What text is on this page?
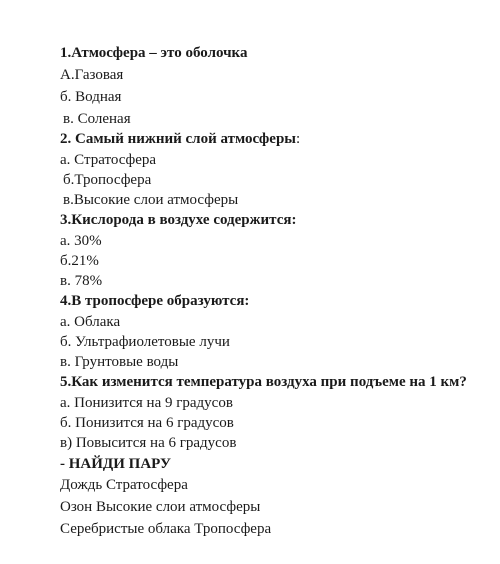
1.Атмосфера – это оболочка
А.Газовая
б. Водная
в. Соленая
2. Самый нижний слой атмосферы:
а. Стратосфера
б.Тропосфера
в.Высокие слои атмосферы
3.Кислорода в воздухе содержится:
а. 30%
б.21%
в. 78%
4.В тропосфере образуются:
а. Облака
б. Ультрафиолетовые лучи
в. Грунтовые воды
5.Как изменится температура воздуха при подъеме на 1 км?
а. Понизится на 9 градусов
б. Понизится на 6 градусов
в) Повысится на 6 градусов
- НАЙДИ ПАРУ
Дождь Стратосфера
Озон Высокие слои атмосферы
Серебристые облака Тропосфера
